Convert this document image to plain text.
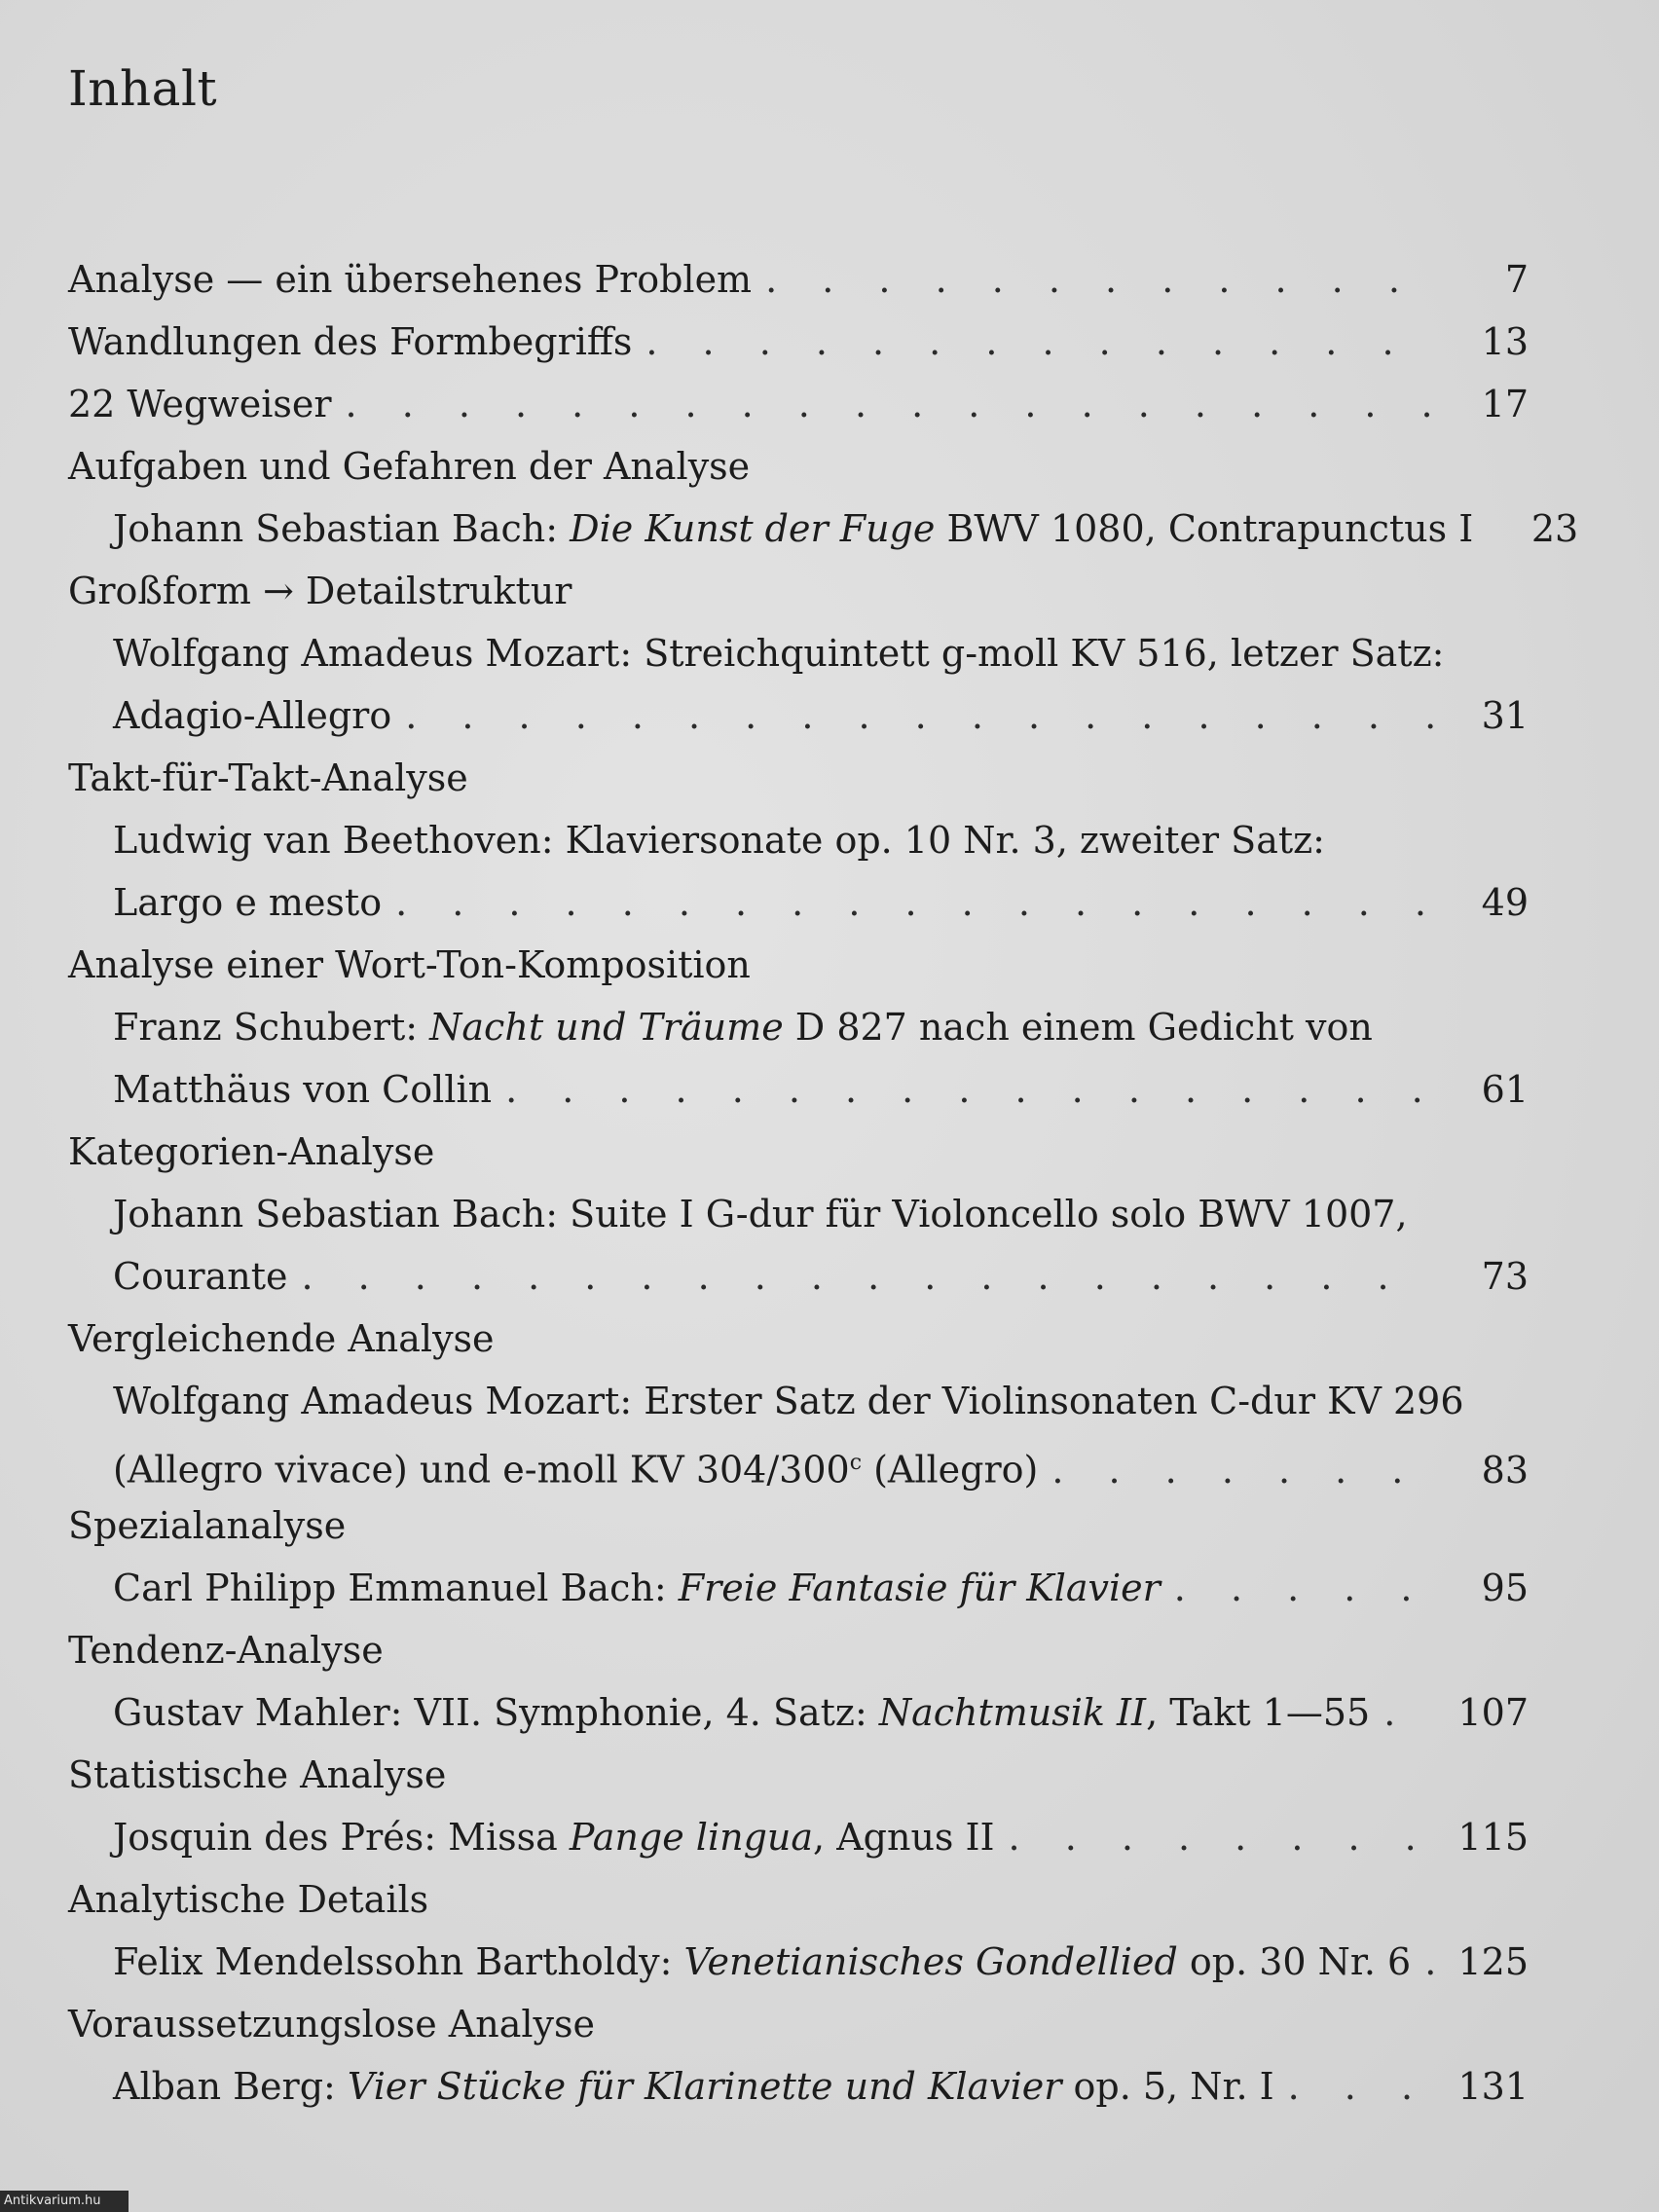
Inhalt
Analyse — ein übersehenes Problem . . .	7
Wandlungen des Formbegriffs . . .	13
22 Wegweiser . . .	17
Aufgaben und Gefahren der Analyse
Johann Sebastian Bach: Die Kunst der Fuge BWV 1080, Contrapunctus I	23
Großform → Detailstruktur
Wolfgang Amadeus Mozart: Streichquintett g-moll KV 516, letzer Satz:
Adagio-Allegro . . .	31
Takt-für-Takt-Analyse
Ludwig van Beethoven: Klaviersonate op. 10 Nr. 3, zweiter Satz:
Largo e mesto . . .	49
Analyse einer Wort-Ton-Komposition
Franz Schubert: Nacht und Träume D 827 nach einem Gedicht von
Matthäus von Collin . . .	61
Kategorien-Analyse
Johann Sebastian Bach: Suite I G-dur für Violoncello solo BWV 1007,
Courante . . .	73
Vergleichende Analyse
Wolfgang Amadeus Mozart: Erster Satz der Violinsonaten C-dur KV 296
(Allegro vivace) und e-moll KV 304/300$^c$ (Allegro) . . .	83
Spezialanalyse
Carl Philipp Emmanuel Bach: Freie Fantasie für Klavier . . .	95
Tendenz-Analyse
Gustav Mahler: VII. Symphonie, 4. Satz: Nachtmusik II, Takt 1—55 . . . 107
Statistische Analyse
Josquin des Prés: Missa Pange lingua, Agnus II . . .	115
Analytische Details
Felix Mendelssohn Bartholdy: Venetianisches Gondellied op. 30 Nr. 6 . . . 125
Voraussetzungslose Analyse
Alban Berg: Vier Stücke für Klarinette und Klavier op. 5, Nr. I . . .	131
Antikvarium.hu
